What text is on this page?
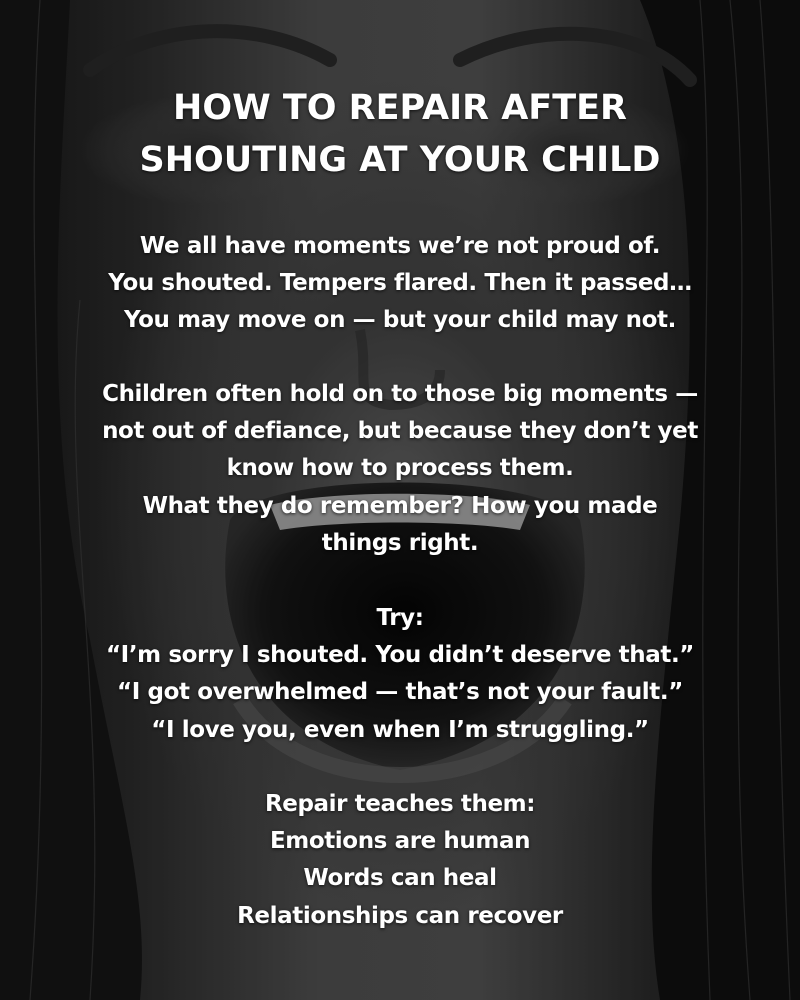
HOW TO REPAIR AFTER
SHOUTING AT YOUR CHILD
We all have moments we’re not proud of.
You shouted. Tempers flared. Then it passed…
You may move on — but your child may not.
Children often hold on to those big moments —
not out of defiance, but because they don’t yet
know how to process them.
What they do remember? How you made
things right.
Try:
“I’m sorry I shouted. You didn’t deserve that.”
“I got overwhelmed — that’s not your fault.”
“I love you, even when I’m struggling.”
Repair teaches them:
Emotions are human
Words can heal
Relationships can recover
